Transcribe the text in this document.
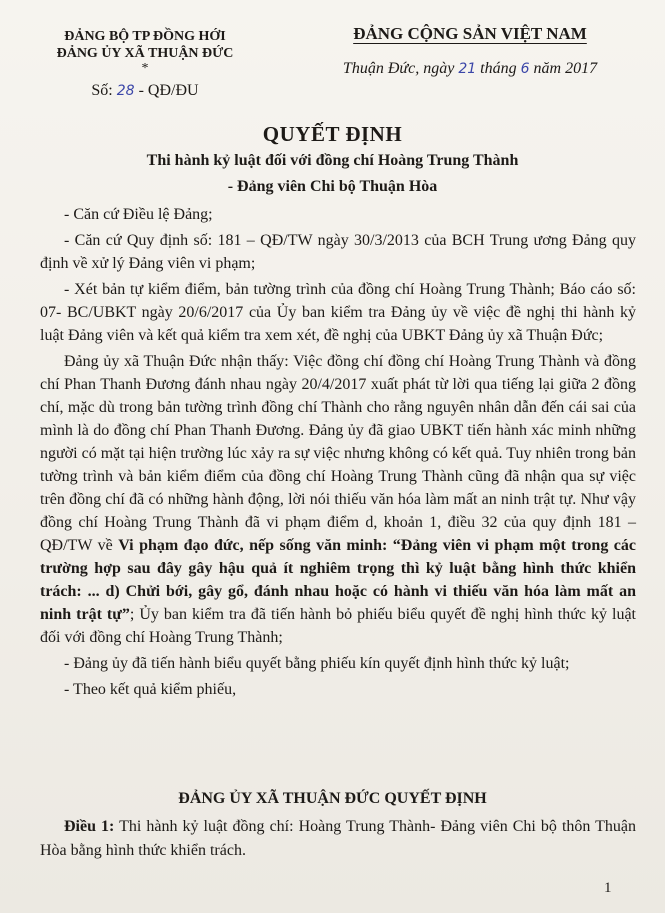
ĐẢNG BỘ TP ĐỒNG HỚI
ĐẢNG ỦY XÃ THUẬN ĐỨC
*
Số: 28 - QĐ/ĐU
ĐẢNG CỘNG SẢN VIỆT NAM
Thuận Đức, ngày 21 tháng 6 năm 2017
QUYẾT ĐỊNH
Thi hành kỷ luật đối với đồng chí Hoàng Trung Thành
- Đảng viên Chi bộ Thuận Hòa

- Căn cứ Điều lệ Đảng;

- Căn cứ Quy định số: 181 – QĐ/TW ngày 30/3/2013 của BCH Trung ương Đảng quy định về xử lý Đảng viên vi phạm;

- Xét bản tự kiểm điểm, bản tường trình của đồng chí Hoàng Trung Thành; Báo cáo số: 07- BC/UBKT ngày 20/6/2017 của Ủy ban kiểm tra Đảng ủy về việc đề nghị thi hành kỷ luật Đảng viên và kết quả kiểm tra xem xét, đề nghị của UBKT Đảng ủy xã Thuận Đức;

Đảng ủy xã Thuận Đức nhận thấy: Việc đồng chí đồng chí Hoàng Trung Thành và đồng chí Phan Thanh Đương đánh nhau ngày 20/4/2017 xuất phát từ lời qua tiếng lại giữa 2 đồng chí, mặc dù trong bản tường trình đồng chí Thành cho rằng nguyên nhân dẫn đến cái sai của mình là do đồng chí Phan Thanh Đương. Đảng ủy đã giao UBKT tiến hành xác minh những người có mặt tại hiện trường lúc xảy ra sự việc nhưng không có kết quả. Tuy nhiên trong bản tường trình và bản kiểm điểm của đồng chí Hoàng Trung Thành cũng đã nhận qua sự việc trên đồng chí đã có những hành động, lời nói thiếu văn hóa làm mất an ninh trật tự. Như vậy đồng chí Hoàng Trung Thành đã vi phạm điểm d, khoản 1, điều 32 của quy định 181 – QĐ/TW về Vi phạm đạo đức, nếp sống văn minh: “Đảng viên vi phạm một trong các trường hợp sau đây gây hậu quả ít nghiêm trọng thì kỷ luật bằng hình thức khiển trách: ... d) Chửi bới, gây gổ, đánh nhau hoặc có hành vi thiếu văn hóa làm mất an ninh trật tự”; Ủy ban kiểm tra đã tiến hành bỏ phiếu biểu quyết đề nghị hình thức kỷ luật đối với đồng chí Hoàng Trung Thành;

- Đảng ủy đã tiến hành biểu quyết bằng phiếu kín quyết định hình thức kỷ luật;

- Theo kết quả kiểm phiếu,

ĐẢNG ỦY XÃ THUẬN ĐỨC QUYẾT ĐỊNH
Điều 1: Thi hành kỷ luật đồng chí: Hoàng Trung Thành- Đảng viên Chi bộ thôn Thuận Hòa bằng hình thức khiển trách.
1
